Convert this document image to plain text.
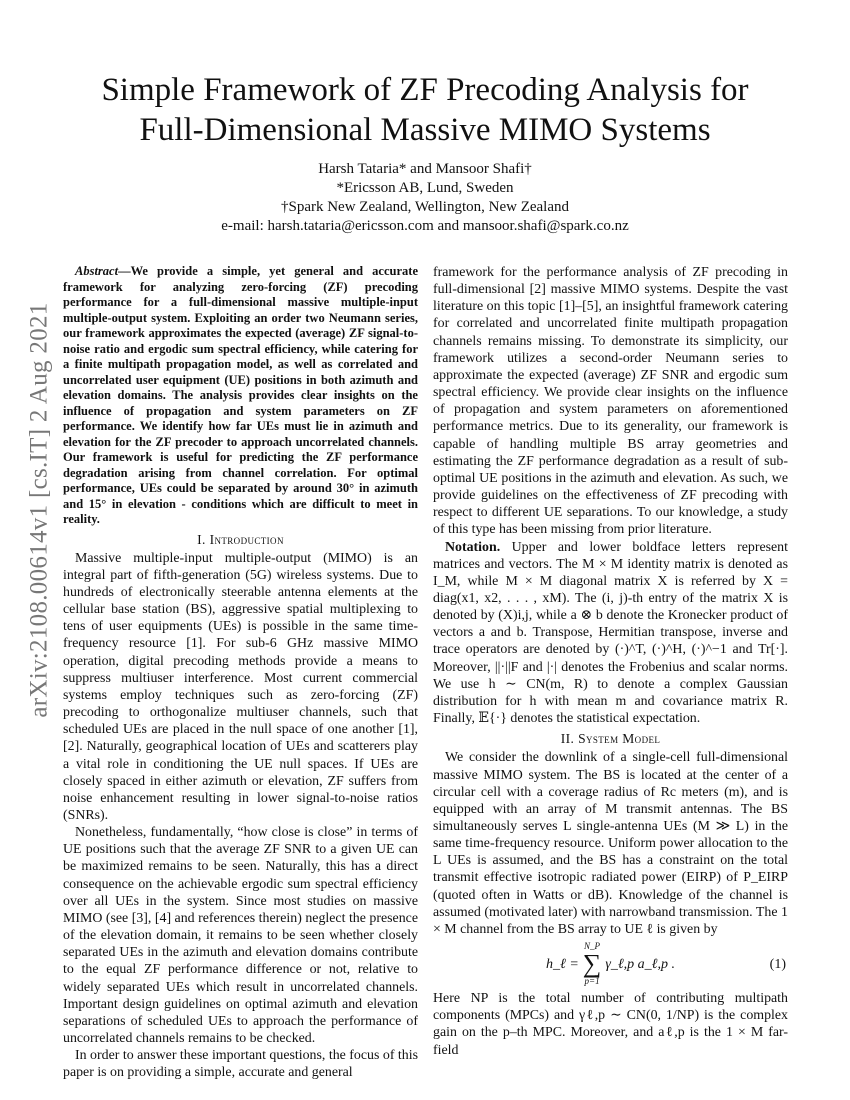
arXiv:2108.00614v1 [cs.IT] 2 Aug 2021
Simple Framework of ZF Precoding Analysis for
Full-Dimensional Massive MIMO Systems
Harsh Tataria* and Mansoor Shafi†
*Ericsson AB, Lund, Sweden
†Spark New Zealand, Wellington, New Zealand
e-mail: harsh.tataria@ericsson.com and mansoor.shafi@spark.co.nz

Abstract—We provide a simple, yet general and accurate framework for analyzing zero-forcing (ZF) precoding performance for a full-dimensional massive multiple-input multiple-output system. Exploiting an order two Neumann series, our framework approximates the expected (average) ZF signal-to-noise ratio and ergodic sum spectral efficiency, while catering for a finite multipath propagation model, as well as correlated and uncorrelated user equipment (UE) positions in both azimuth and elevation domains. The analysis provides clear insights on the influence of propagation and system parameters on ZF performance. We identify how far UEs must lie in azimuth and elevation for the ZF precoder to approach uncorrelated channels. Our framework is useful for predicting the ZF performance degradation arising from channel correlation. For optimal performance, UEs could be separated by around 30° in azimuth and 15° in elevation - conditions which are difficult to meet in reality.

I. Introduction

Massive multiple-input multiple-output (MIMO) is an integral part of fifth-generation (5G) wireless systems. Due to hundreds of electronically steerable antenna elements at the cellular base station (BS), aggressive spatial multiplexing to tens of user equipments (UEs) is possible in the same time-frequency resource [1]. For sub-6 GHz massive MIMO operation, digital precoding methods provide a means to suppress multiuser interference. Most current commercial systems employ techniques such as zero-forcing (ZF) precoding to orthogonalize multiuser channels, such that scheduled UEs are placed in the null space of one another [1], [2]. Naturally, geographical location of UEs and scatterers play a vital role in conditioning the UE null spaces. If UEs are closely spaced in either azimuth or elevation, ZF suffers from noise enhancement resulting in lower signal-to-noise ratios (SNRs).

Nonetheless, fundamentally, “how close is close” in terms of UE positions such that the average ZF SNR to a given UE can be maximized remains to be seen. Naturally, this has a direct consequence on the achievable ergodic sum spectral efficiency over all UEs in the system. Since most studies on massive MIMO (see [3], [4] and references therein) neglect the presence of the elevation domain, it remains to be seen whether closely separated UEs in the azimuth and elevation domains contribute to the equal ZF performance difference or not, relative to widely separated UEs which result in uncorrelated channels. Important design guidelines on optimal azimuth and elevation separations of scheduled UEs to approach the performance of uncorrelated channels remains to be checked.

In order to answer these important questions, the focus of this paper is on providing a simple, accurate and general

framework for the performance analysis of ZF precoding in full-dimensional [2] massive MIMO systems. Despite the vast literature on this topic [1]–[5], an insightful framework catering for correlated and uncorrelated finite multipath propagation channels remains missing. To demonstrate its simplicity, our framework utilizes a second-order Neumann series to approximate the expected (average) ZF SNR and ergodic sum spectral efficiency. We provide clear insights on the influence of propagation and system parameters on aforementioned performance metrics. Due to its generality, our framework is capable of handling multiple BS array geometries and estimating the ZF performance degradation as a result of sub-optimal UE positions in the azimuth and elevation. As such, we provide guidelines on the effectiveness of ZF precoding with respect to different UE separations. To our knowledge, a study of this type has been missing from prior literature.

Notation. Upper and lower boldface letters represent matrices and vectors. The M × M identity matrix is denoted as I_M, while M × M diagonal matrix X is referred by X = diag(x1, x2, . . . , xM). The (i, j)-th entry of the matrix X is denoted by (X)i,j, while a ⊗ b denote the Kronecker product of vectors a and b. Transpose, Hermitian transpose, inverse and trace operators are denoted by (·)^T, (·)^H, (·)^−1 and Tr[·]. Moreover, ||·||F and |·| denotes the Frobenius and scalar norms. We use h ∼ CN(m, R) to denote a complex Gaussian distribution for h with mean m and covariance matrix R. Finally, 𝔼{·} denotes the statistical expectation.

II. System Model

We consider the downlink of a single-cell full-dimensional massive MIMO system. The BS is located at the center of a circular cell with a coverage radius of Rc meters (m), and is equipped with an array of M transmit antennas. The BS simultaneously serves L single-antenna UEs (M ≫ L) in the same time-frequency resource. Uniform power allocation to the L UEs is assumed, and the BS has a constraint on the total transmit effective isotropic radiated power (EIRP) of P_EIRP (quoted often in Watts or dB). Knowledge of the channel is assumed (motivated later) with narrowband transmission. The 1 × M channel from the BS array to UE ℓ is given by

h_ℓ =
N_P
∑
p=1
γ_ℓ,p a_ℓ,p .	(1)

Here NP is the total number of contributing multipath components (MPCs) and γℓ,p ∼ CN(0, 1/NP) is the complex gain on the p–th MPC. Moreover, and aℓ,p is the 1 × M far-field
